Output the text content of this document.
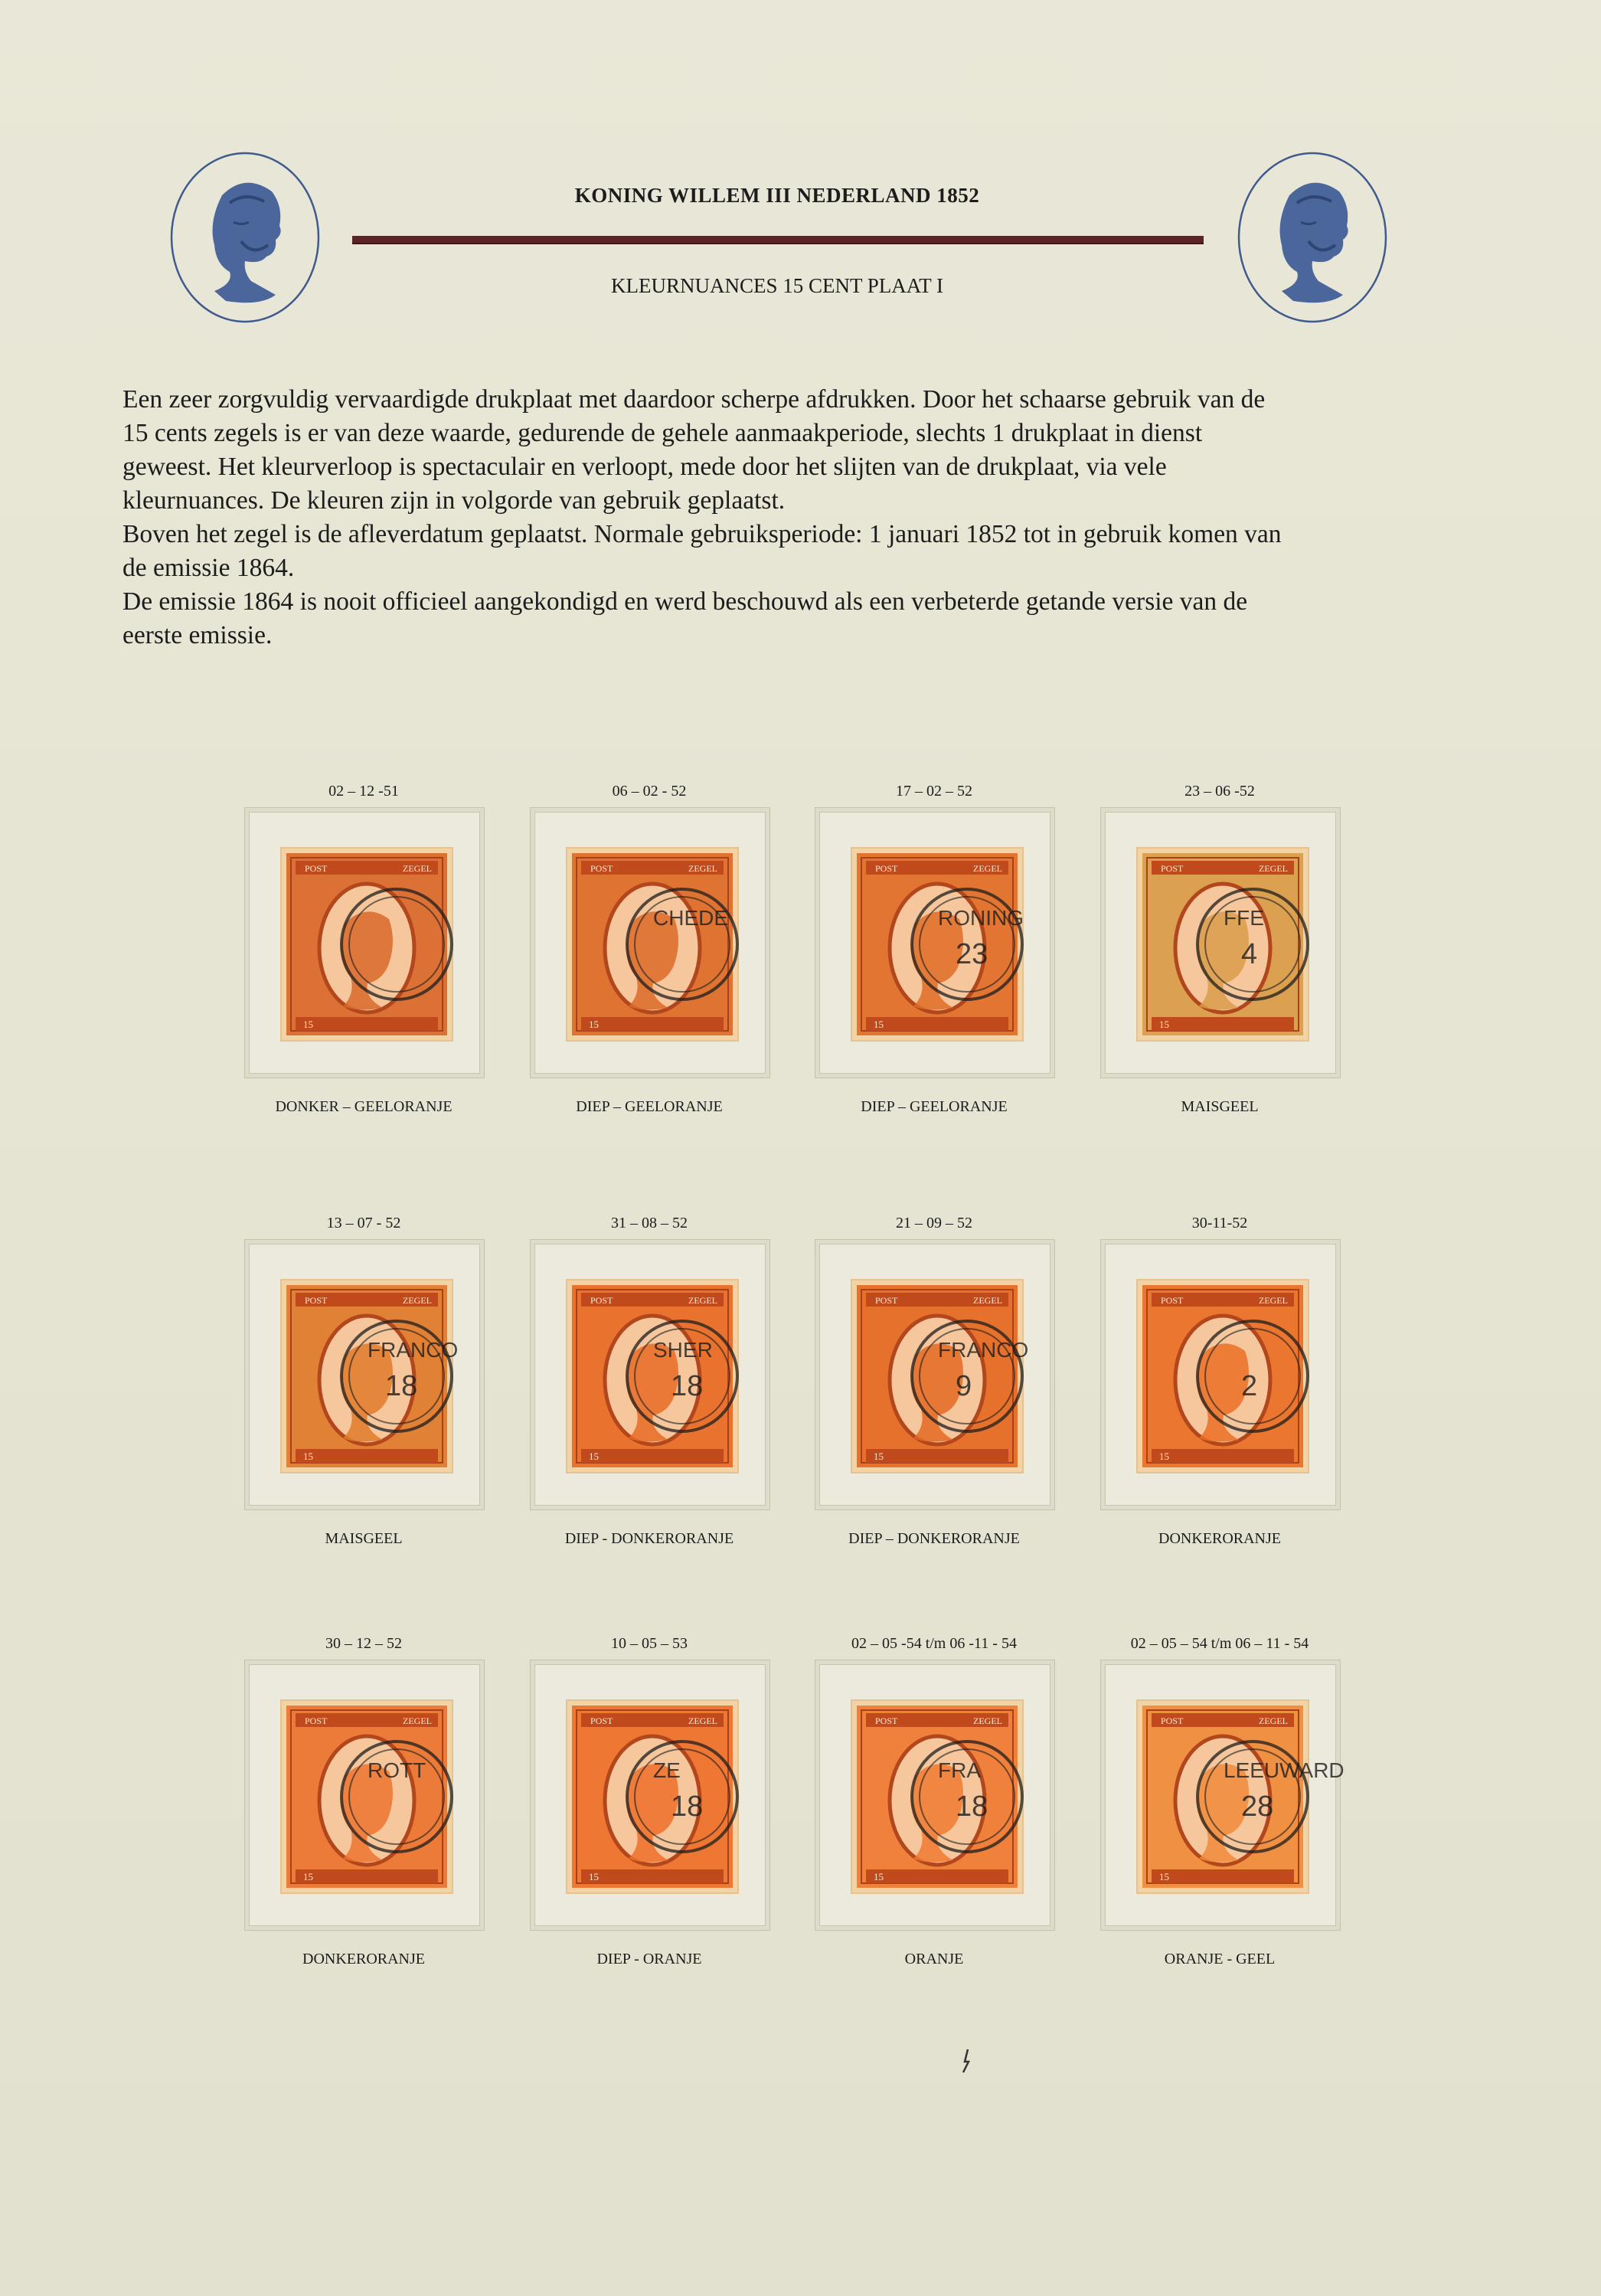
KONING WILLEM III NEDERLAND 1852
KLEURNUANCES 15 CENT PLAAT I

Een zeer zorgvuldig vervaardigde drukplaat met daardoor scherpe afdrukken. Door het schaarse gebruik van de

15 cents zegels is er van deze waarde, gedurende de gehele aanmaakperiode, slechts 1 drukplaat in dienst

geweest. Het kleurverloop is spectaculair en verloopt, mede door het slijten van de drukplaat, via vele

kleurnuances. De kleuren zijn in volgorde van gebruik geplaatst.

Boven het zegel is de afleverdatum geplaatst. Normale gebruiksperiode: 1 januari 1852 tot in gebruik komen van

de emissie 1864.

De emissie 1864 is nooit officieel aangekondigd en werd beschouwd als een verbeterde getande versie van de

eerste emissie.

02 – 12 -51
POST	ZEGEL
15
DONKER – GEELORANJE
06 – 02 - 52
POST	ZEGEL
15
CHEDE
DIEP – GEELORANJE
17 – 02 – 52
POST	ZEGEL
15
RONING
23
DIEP – GEELORANJE
23 – 06 -52
POST	ZEGEL
15
FFE
4
MAISGEEL
13 – 07 - 52
POST	ZEGEL
15
FRANCO
18
MAISGEEL
31 – 08 – 52
POST	ZEGEL
15
SHER
18
DIEP - DONKERORANJE
21 – 09 – 52
POST	ZEGEL
15
FRANCO
9
DIEP – DONKERORANJE
30-11-52
POST	ZEGEL
15
2
DONKERORANJE
30 – 12 – 52
POST	ZEGEL
15
ROTT
DONKERORANJE
10 – 05 – 53
POST	ZEGEL
15
ZE
18
DIEP - ORANJE
02 – 05 -54 t/m 06 -11 - 54
POST	ZEGEL
15
FRA
18
ORANJE
02 – 05 – 54 t/m 06 – 11 - 54
POST	ZEGEL
15
LEEUWARD
28
ORANJE - GEEL
